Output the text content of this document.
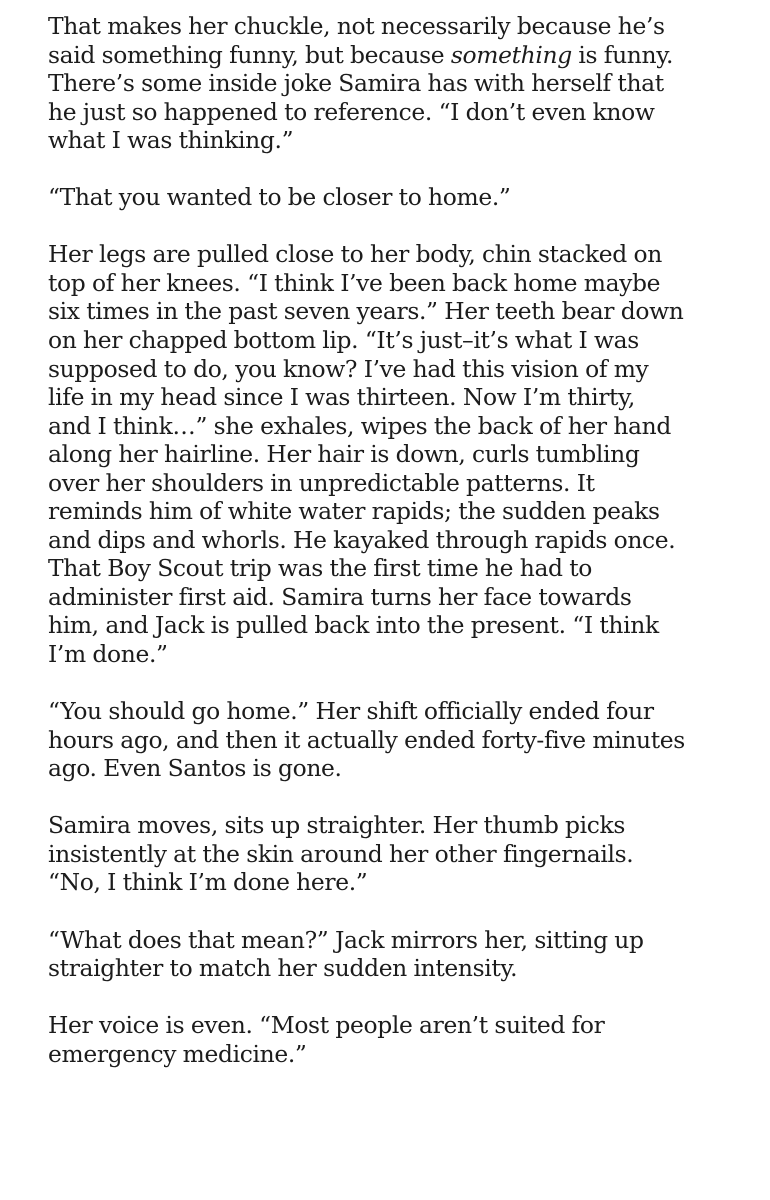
That makes her chuckle, not necessarily because he’s
said something funny, but because something is funny.
There’s some inside joke Samira has with herself that
he just so happened to reference. “I don’t even know
what I was thinking.”

“That you wanted to be closer to home.”

Her legs are pulled close to her body, chin stacked on
top of her knees. “I think I’ve been back home maybe
six times in the past seven years.” Her teeth bear down
on her chapped bottom lip. “It’s just–it’s what I was
supposed to do, you know? I’ve had this vision of my
life in my head since I was thirteen. Now I’m thirty,
and I think…” she exhales, wipes the back of her hand
along her hairline. Her hair is down, curls tumbling
over her shoulders in unpredictable patterns. It
reminds him of white water rapids; the sudden peaks
and dips and whorls. He kayaked through rapids once.
That Boy Scout trip was the first time he had to
administer first aid. Samira turns her face towards
him, and Jack is pulled back into the present. “I think
I’m done.”

“You should go home.” Her shift officially ended four
hours ago, and then it actually ended forty-five minutes
ago. Even Santos is gone.

Samira moves, sits up straighter. Her thumb picks
insistently at the skin around her other fingernails.
“No, I think I’m done here.”

“What does that mean?” Jack mirrors her, sitting up
straighter to match her sudden intensity.

Her voice is even. “Most people aren’t suited for
emergency medicine.”
